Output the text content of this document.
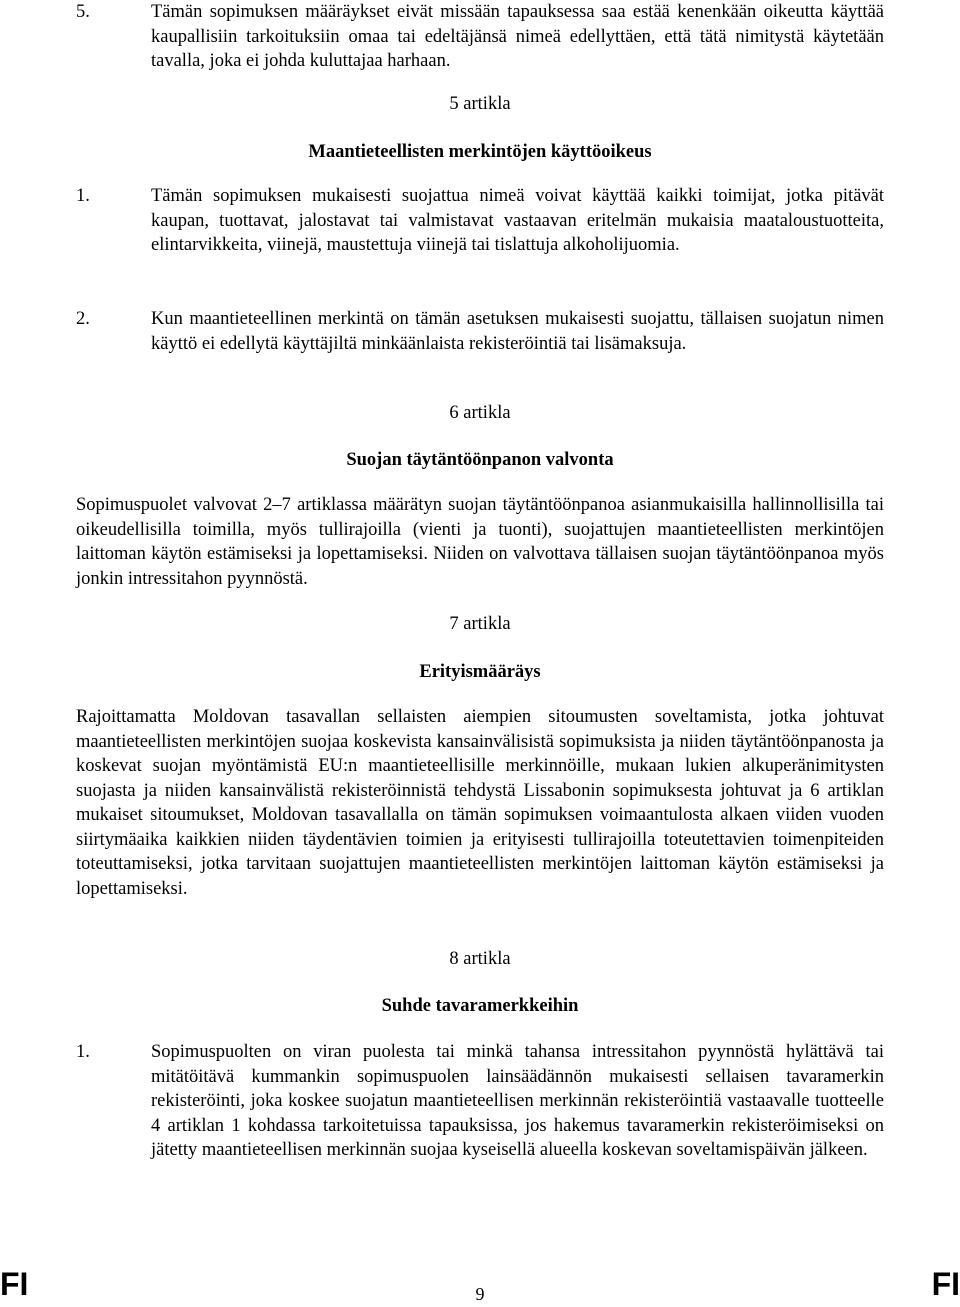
5.	Tämän sopimuksen määräykset eivät missään tapauksessa saa estää kenenkään oikeutta käyttää kaupallisiin tarkoituksiin omaa tai edeltäjänsä nimeä edellyttäen, että tätä nimitystä käytetään tavalla, joka ei johda kuluttajaa harhaan.
5 artikla
Maantieteellisten merkintöjen käyttöoikeus
1.	Tämän sopimuksen mukaisesti suojattua nimeä voivat käyttää kaikki toimijat, jotka pitävät kaupan, tuottavat, jalostavat tai valmistavat vastaavan eritelmän mukaisia maataloustuotteita, elintarvikkeita, viinejä, maustettuja viinejä tai tislattuja alkoholijuomia.
2.	Kun maantieteellinen merkintä on tämän asetuksen mukaisesti suojattu, tällaisen suojatun nimen käyttö ei edellytä käyttäjiltä minkäänlaista rekisteröintiä tai lisämaksuja.
6 artikla
Suojan täytäntöönpanon valvonta
Sopimuspuolet valvovat 2–7 artiklassa määrätyn suojan täytäntöönpanoa asianmukaisilla hallinnollisilla tai oikeudellisilla toimilla, myös tullirajoilla (vienti ja tuonti), suojattujen maantieteellisten merkintöjen laittoman käytön estämiseksi ja lopettamiseksi. Niiden on valvottava tällaisen suojan täytäntöönpanoa myös jonkin intressitahon pyynnöstä.
7 artikla
Erityismääräys
Rajoittamatta Moldovan tasavallan sellaisten aiempien sitoumusten soveltamista, jotka johtuvat maantieteellisten merkintöjen suojaa koskevista kansainvälisistä sopimuksista ja niiden täytäntöönpanosta ja koskevat suojan myöntämistä EU:n maantieteellisille merkinnöille, mukaan lukien alkuperänimitysten suojasta ja niiden kansainvälistä rekisteröinnistä tehdystä Lissabonin sopimuksesta johtuvat ja 6 artiklan mukaiset sitoumukset, Moldovan tasavallalla on tämän sopimuksen voimaantulosta alkaen viiden vuoden siirtymäaika kaikkien niiden täydentävien toimien ja erityisesti tullirajoilla toteutettavien toimenpiteiden toteuttamiseksi, jotka tarvitaan suojattujen maantieteellisten merkintöjen laittoman käytön estämiseksi ja lopettamiseksi.
8 artikla
Suhde tavaramerkkeihin
1.	Sopimuspuolten on viran puolesta tai minkä tahansa intressitahon pyynnöstä hylättävä tai mitätöitävä kummankin sopimuspuolen lainsäädännön mukaisesti sellaisen tavaramerkin rekisteröinti, joka koskee suojatun maantieteellisen merkinnän rekisteröintiä vastaavalle tuotteelle 4 artiklan 1 kohdassa tarkoitetuissa tapauksissa, jos hakemus tavaramerkin rekisteröimiseksi on jätetty maantieteellisen merkinnän suojaa kyseisellä alueella koskevan soveltamispäivän jälkeen.
FI	9	FI
